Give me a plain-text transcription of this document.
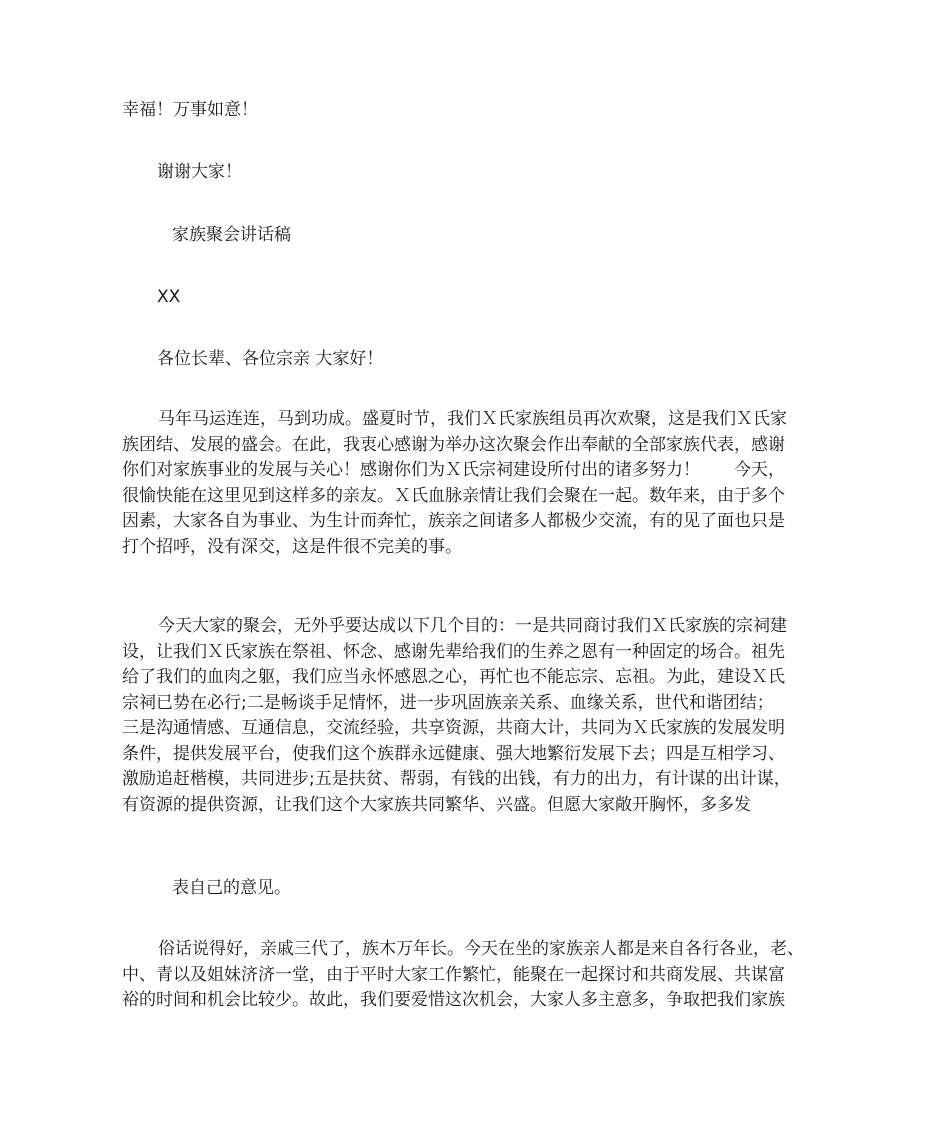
幸福！万事如意！
谢谢大家！
家族聚会讲话稿
XX
各位长辈、各位宗亲 大家好！
马年马运连连，马到功成。盛夏时节，我们Ｘ氏家族组员再次欢聚，这是我们Ｘ氏家
族团结、发展的盛会。在此，我衷心感谢为举办这次聚会作出奉献的全部家族代表，感谢
你们对家族事业的发展与关心！感谢你们为Ｘ氏宗祠建设所付出的诸多努力！　　今天，
很愉快能在这里见到这样多的亲友。Ｘ氏血脉亲情让我们会聚在一起。数年来，由于多个
因素，大家各自为事业、为生计而奔忙，族亲之间诸多人都极少交流，有的见了面也只是
打个招呼，没有深交，这是件很不完美的事。
今天大家的聚会，无外乎要达成以下几个目的：一是共同商讨我们Ｘ氏家族的宗祠建
设，让我们Ｘ氏家族在祭祖、怀念、感谢先辈给我们的生养之恩有一种固定的场合。祖先
给了我们的血肉之躯，我们应当永怀感恩之心，再忙也不能忘宗、忘祖。为此，建设Ｘ氏
宗祠已势在必行;二是畅谈手足情怀，进一步巩固族亲关系、血缘关系，世代和谐团结；
三是沟通情感、互通信息，交流经验，共享资源，共商大计，共同为Ｘ氏家族的发展发明
条件，提供发展平台，使我们这个族群永远健康、强大地繁衍发展下去；四是互相学习、
激励追赶楷模，共同进步;五是扶贫、帮弱，有钱的出钱，有力的出力，有计谋的出计谋，
有资源的提供资源，让我们这个大家族共同繁华、兴盛。但愿大家敞开胸怀，多多发
表自己的意见。
俗话说得好，亲戚三代了，族木万年长。今天在坐的家族亲人都是来自各行各业，老、
中、青以及姐妹济济一堂，由于平时大家工作繁忙，能聚在一起探讨和共商发展、共谋富
裕的时间和机会比较少。故此，我们要爱惜这次机会，大家人多主意多，争取把我们家族
